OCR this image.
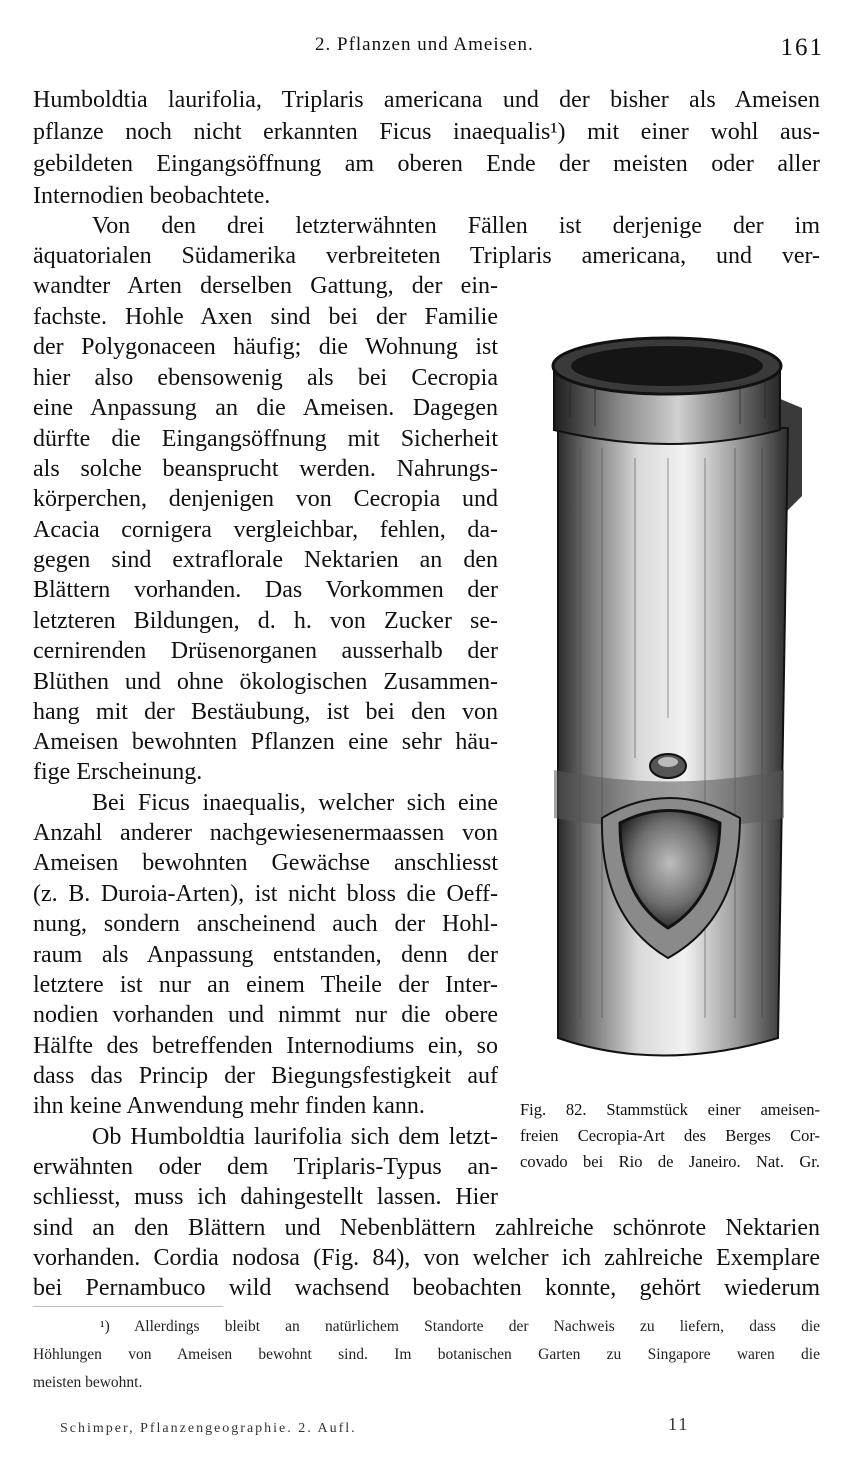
2. Pflanzen und Ameisen.	161
Humboldtia laurifolia, Triplaris americana und der bisher als Ameisen
pflanze noch nicht erkannten Ficus inaequalis¹) mit einer wohl aus-
gebildeten Eingangsöffnung am oberen Ende der meisten oder aller
Internodien beobachtete.
Von den drei letzterwähnten Fällen ist derjenige der im
äquatorialen Südamerika verbreiteten Triplaris americana, und ver-
wandter Arten derselben Gattung, der ein-
fachste. Hohle Axen sind bei der Familie
der Polygonaceen häufig; die Wohnung ist
hier also ebensowenig als bei Cecropia
eine Anpassung an die Ameisen. Dagegen
dürfte die Eingangsöffnung mit Sicherheit
als solche beansprucht werden. Nahrungs-
körperchen, denjenigen von Cecropia und
Acacia cornigera vergleichbar, fehlen, da-
gegen sind extraflorale Nektarien an den
Blättern vorhanden. Das Vorkommen der
letzteren Bildungen, d. h. von Zucker se-
cernirenden Drüsenorganen ausserhalb der
Blüthen und ohne ökologischen Zusammen-
hang mit der Bestäubung, ist bei den von
Ameisen bewohnten Pflanzen eine sehr häu-
fige Erscheinung.
Bei Ficus inaequalis, welcher sich eine
Anzahl anderer nachgewiesenermaassen von
Ameisen bewohnten Gewächse anschliesst
(z. B. Duroia-Arten), ist nicht bloss die Oeff-
nung, sondern anscheinend auch der Hohl-
raum als Anpassung entstanden, denn der
letztere ist nur an einem Theile der Inter-
nodien vorhanden und nimmt nur die obere
Hälfte des betreffenden Internodiums ein, so
dass das Princip der Biegungsfestigkeit auf
ihn keine Anwendung mehr finden kann.
Ob Humboldtia laurifolia sich dem letzt-
erwähnten oder dem Triplaris-Typus an-
schliesst, muss ich dahingestellt lassen. Hier
sind an den Blättern und Nebenblättern zahlreiche schönrote Nektarien
vorhanden. Cordia nodosa (Fig. 84), von welcher ich zahlreiche Exemplare
bei Pernambuco wild wachsend beobachten konnte, gehört wiederum
Fig. 82. Stammstück einer ameisen-
freien Cecropia-Art des Berges Cor-
covado bei Rio de Janeiro. Nat. Gr.
¹) Allerdings bleibt an natürlichem Standorte der Nachweis zu liefern, dass die
Höhlungen von Ameisen bewohnt sind. Im botanischen Garten zu Singapore waren die
meisten bewohnt.
Schimper, Pflanzengeographie. 2. Aufl.	11
